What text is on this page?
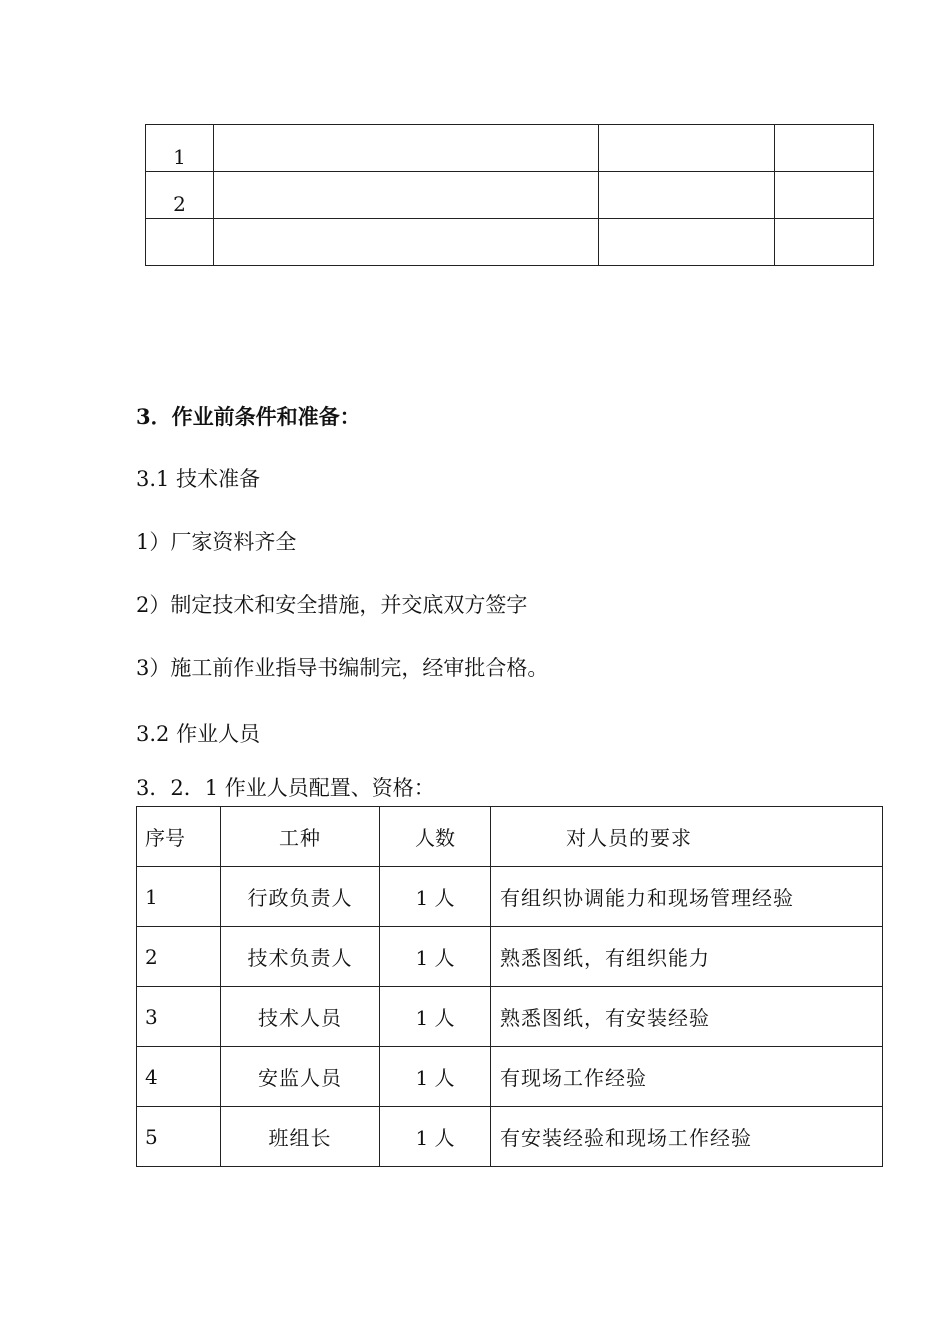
1			
2			

3．作业前条件和准备：
3.1 技术准备
1）厂家资料齐全
2）制定技术和安全措施，并交底双方签字
3）施工前作业指导书编制完，经审批合格。
3.2 作业人员
3．2．1 作业人员配置、资格：
序号	工种	人数	对人员的要求
1	行政负责人	1 人	有组织协调能力和现场管理经验
2	技术负责人	1 人	熟悉图纸，有组织能力
3	技术人员	1 人	熟悉图纸，有安装经验
4	安监人员	1 人	有现场工作经验
5	班组长	1 人	有安装经验和现场工作经验
